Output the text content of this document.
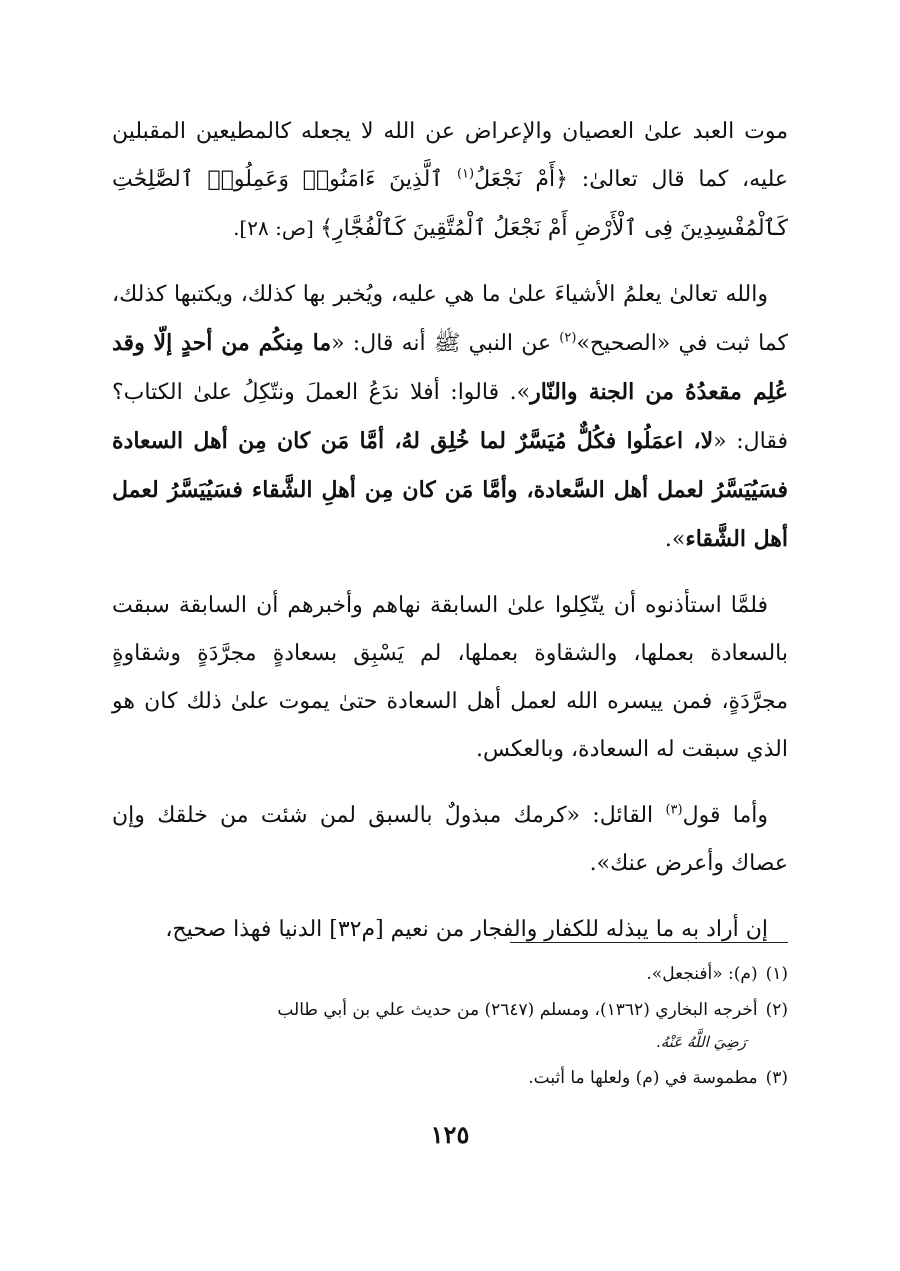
موت العبد علىٰ العصيان والإعراض عن الله لا يجعله كالمطيعين المقبلين عليه، كما قال تعالىٰ: ﴿أَمْ نَجْعَلُ$^{(١)}$ ٱلَّذِينَ ءَامَنُوا۟ وَعَمِلُوا۟ ٱلصَّٰلِحَٰتِ كَٱلْمُفْسِدِينَ فِى ٱلْأَرْضِ أَمْ نَجْعَلُ ٱلْمُتَّقِينَ كَٱلْفُجَّارِ﴾ [ص: ٢٨].

والله تعالىٰ يعلمُ الأشياءَ علىٰ ما هي عليه، ويُخبر بها كذلك، ويكتبها كذلك، كما ثبت في «الصحيح»$^{(٢)}$ عن النبي ﷺ أنه قال: «ما مِنكُم من أحدٍ إلّا وقد عُلِم مقعدُهُ من الجنة والنّار». قالوا: أفلا ندَعُ العملَ ونتّكِلُ علىٰ الكتاب؟ فقال: «لا، اعمَلُوا فكُلٌّ مُيَسَّرٌ لما خُلِق لهُ، أمَّا مَن كان مِن أهل السعادة فسَيُيَسَّرُ لعمل أهل السَّعادة، وأمَّا مَن كان مِن أهلِ الشَّقاء فسَيُيَسَّرُ لعمل أهل الشَّقاء».

فلمَّا استأذنوه أن يتّكِلوا علىٰ السابقة نهاهم وأخبرهم أن السابقة سبقت بالسعادة بعملها، والشقاوة بعملها، لم يَسْبِق بسعادةٍ مجرَّدَةٍ وشقاوةٍ مجرَّدَةٍ، فمن ييسره الله لعمل أهل السعادة حتىٰ يموت علىٰ ذلك كان هو الذي سبقت له السعادة، وبالعكس.

وأما قول$^{(٣)}$ القائل: «كرمك مبذولٌ بالسبق لمن شئت من خلقك وإن عصاك وأعرض عنك».

إن أراد به ما يبذله للكفار والفجار من نعيم [م٣٢] الدنيا فهذا صحيح،

(١)(م): «أفنجعل».

(٢)أخرجه البخاري (١٣٦٢)، ومسلم (٢٦٤٧) من حديث علي بن أبي طالب
رَضِيَ اللَّهُ عَنْهُ.

(٣)مطموسة في (م) ولعلها ما أثبت.

١٢٥
